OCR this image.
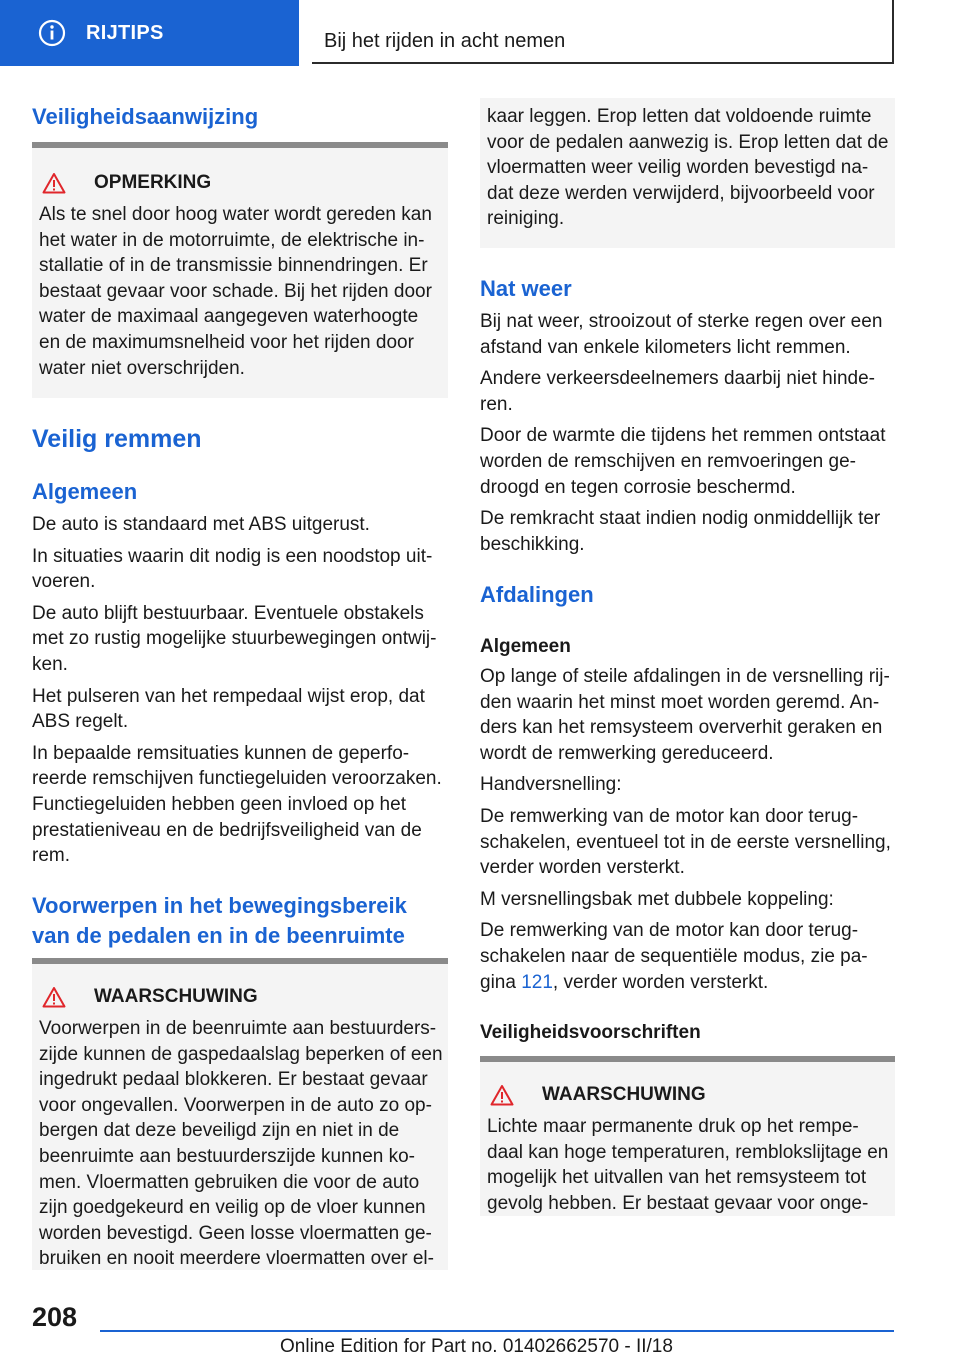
RIJTIPS	Bij het rijden in acht nemen
Veiligheidsaanwijzing
OPMERKING

Als te snel door hoog water wordt gereden kan

het water in de motorruimte, de elektrische in-

stallatie of in de transmissie binnendringen. Er

bestaat gevaar voor schade. Bij het rijden door

water de maximaal aangegeven waterhoogte

en de maximumsnelheid voor het rijden door

water niet overschrijden.

Veilig remmen
Algemeen

De auto is standaard met ABS uitgerust.

In situaties waarin dit nodig is een noodstop uit-

voeren.

De auto blijft bestuurbaar. Eventuele obstakels

met zo rustig mogelijke stuurbewegingen ontwij-

ken.

Het pulseren van het rempedaal wijst erop, dat

ABS regelt.

In bepaalde remsituaties kunnen de geperfo-

reerde remschijven functiegeluiden veroorzaken.

Functiegeluiden hebben geen invloed op het

prestatieniveau en de bedrijfsveiligheid van de

rem.

Voorwerpen in het bewegingsbereik
van de pedalen en in de beenruimte
WAARSCHUWING

Voorwerpen in de beenruimte aan bestuurders-

zijde kunnen de gaspedaalslag beperken of een

ingedrukt pedaal blokkeren. Er bestaat gevaar

voor ongevallen. Voorwerpen in de auto zo op-

bergen dat deze beveiligd zijn en niet in de

beenruimte aan bestuurderszijde kunnen ko-

men. Vloermatten gebruiken die voor de auto

zijn goedgekeurd en veilig op de vloer kunnen

worden bevestigd. Geen losse vloermatten ge-

bruiken en nooit meerdere vloermatten over el-

kaar leggen. Erop letten dat voldoende ruimte

voor de pedalen aanwezig is. Erop letten dat de

vloermatten weer veilig worden bevestigd na-

dat deze werden verwijderd, bijvoorbeeld voor

reiniging.

Nat weer

Bij nat weer, strooizout of sterke regen over een

afstand van enkele kilometers licht remmen.

Andere verkeersdeelnemers daarbij niet hinde-

ren.

Door de warmte die tijdens het remmen ontstaat

worden de remschijven en remvoeringen ge-

droogd en tegen corrosie beschermd.

De remkracht staat indien nodig onmiddellijk ter

beschikking.

Afdalingen
Algemeen

Op lange of steile afdalingen in de versnelling rij-

den waarin het minst moet worden geremd. An-

ders kan het remsysteem oververhit geraken en

wordt de remwerking gereduceerd.

Handversnelling:

De remwerking van de motor kan door terug-

schakelen, eventueel tot in de eerste versnelling,

verder worden versterkt.

M versnellingsbak met dubbele koppeling:

De remwerking van de motor kan door terug-

schakelen naar de sequentiële modus, zie pa-

gina 121, verder worden versterkt.

Veiligheidsvoorschriften
WAARSCHUWING

Lichte maar permanente druk op het rempe-

daal kan hoge temperaturen, remblokslijtage en

mogelijk het uitvallen van het remsysteem tot

gevolg hebben. Er bestaat gevaar voor onge-

208
Online Edition for Part no. 01402662570 - II/18
